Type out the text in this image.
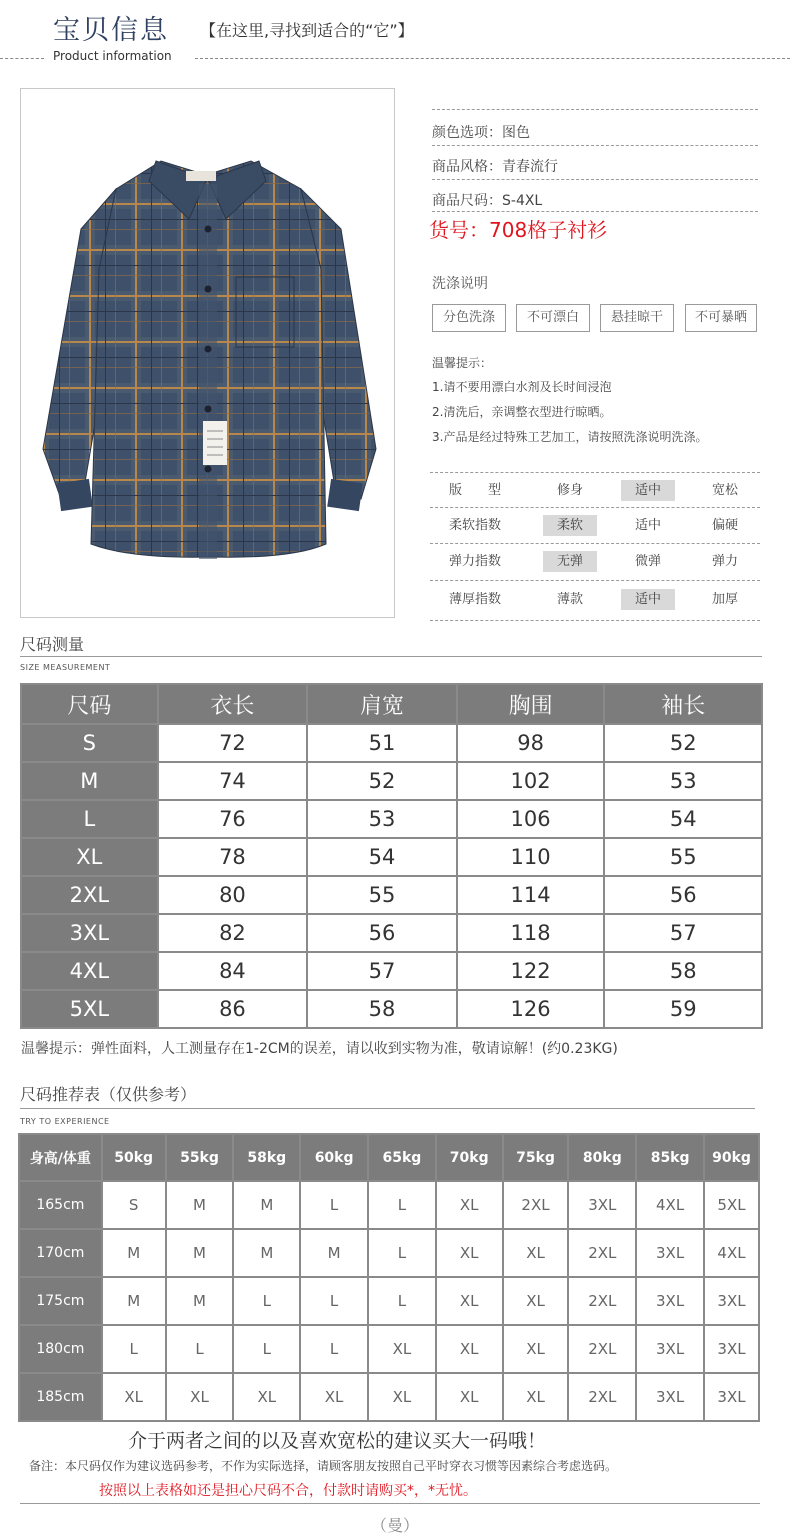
宝贝信息 【在这里,寻找到适合的“它”】
Product information
颜色选项：图色
商品风格：青春流行
商品尺码：S-4XL
货号：708格子衬衫
洗涤说明
分色洗涤	不可漂白	悬挂晾干	不可暴晒
温馨提示：
1.请不要用漂白水剂及长时间浸泡
2.清洗后，亲调整衣型进行晾晒。
3.产品是经过特殊工艺加工，请按照洗涤说明洗涤。
版　　型	修身	适中	宽松
柔软指数	柔软	适中	偏硬
弹力指数	无弹	微弹	弹力
薄厚指数	薄款	适中	加厚
尺码测量
SIZE MEASUREMENT
尺码	衣长	肩宽	胸围	袖长
S	72	51	98	52
M	74	52	102	53
L	76	53	106	54
XL	78	54	110	55
2XL	80	55	114	56
3XL	82	56	118	57
4XL	84	57	122	58
5XL	86	58	126	59
温馨提示：弹性面料，人工测量存在1-2CM的误差，请以收到实物为准，敬请谅解！(约0.23KG)
尺码推荐表（仅供参考）
TRY TO EXPERIENCE
身高/体重	50kg	55kg	58kg	60kg	65kg	70kg	75kg	80kg	85kg	90kg
165cm	S	M	M	L	L	XL	2XL	3XL	4XL	5XL
170cm	M	M	M	M	L	XL	XL	2XL	3XL	4XL
175cm	M	M	L	L	L	XL	XL	2XL	3XL	3XL
180cm	L	L	L	L	XL	XL	XL	2XL	3XL	3XL
185cm	XL	XL	XL	XL	XL	XL	XL	2XL	3XL	3XL
介于两者之间的以及喜欢宽松的建议买大一码哦！
备注：本尺码仅作为建议选码参考，不作为实际选择，请顾客朋友按照自己平时穿衣习惯等因素综合考虑选码。
按照以上表格如还是担心尺码不合，付款时请购买*，*无忧。
（曼）
